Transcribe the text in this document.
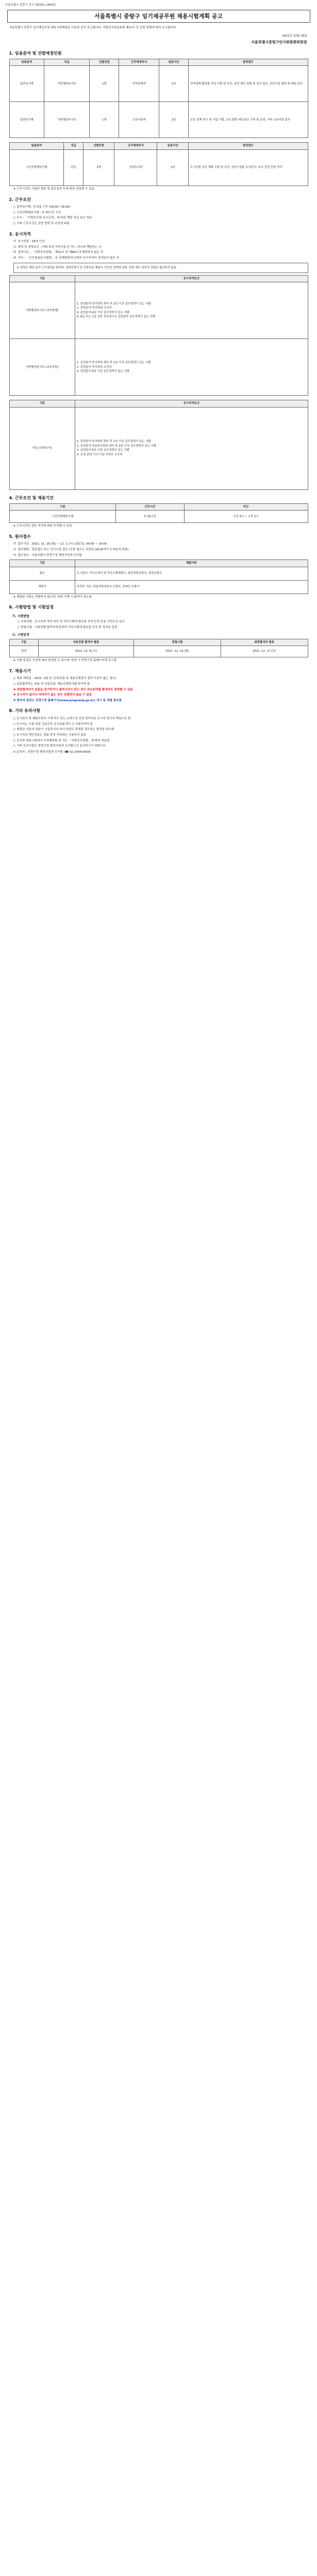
서울특별시 중랑구 공고 제2021-1403호
서울특별시 중랑구 임기제공무원 채용시험계획 공고
서울특별시 중랑구 임기제공무원 채용시험계획을 다음과 같이 공고합니다. 지방공무원임용령 제17조 등 관련 법령에 따라 공고합니다.
2021년 11월 18일
서울특별시중랑구인사위원회위원장
1. 임용분야 및 선발예정인원
임용분야	직급	선발인원	근무예정부서	임용기간	담당업무
일반임기제	지방행정주사보	1명	지역경제과	2년	지역경제 활성화 사업 기획 및 추진, 관련 예산 집행 및 정산 업무, 유관기관 협력 및 대외 업무
일반임기제	지방행정주사보	1명	교육지원과	2년	교육 정책 연구 및 사업 기획, 교육 협력 네트워크 구축 및 운영, 기타 교육지원 업무
임용분야	직급	선발인원	근무예정부서	임용기간	담당업무
시간선택제임기제	마급	1명	공원녹지과	2년	도시공원 조성 계획 수립 및 추진, 공원시설물 유지관리, 녹지 관련 민원 처리
※ 근무기간은 시험의 결과 및 업무실적 등에 따라 연장될 수 있음
2. 근무조건
○ 일반임기제 : 주 5일 근무 (09:00~18:00)
○ 시간선택제임기제 : 주 35시간 근무
○ 보수 : 「지방공무원 보수규정」에 따른 해당 직급 보수 적용
○ 기타 근무조건은 관련 법령 및 규정에 따름
3. 응시자격
가. 응시연령 : 18세 이상
나. 학력 및 경력요건 : 아래 표의 자격기준 중 어느 하나에 해당하는 자
다. 결격사유 : 「지방공무원법」 제31조 및 제66조에 해당하지 않는 자
라. 기타 : 「공무원임용시험령」 등 관계법령에 의하여 응시자격이 정지되지 않은 자
※ 경력은 해당 분야 근무경력을 말하며, 경력증명서 등 증빙자료 제출이 가능한 경력에 한함. 학위 취득 전후의 경력은 합산하지 않음.
구분	응시자격요건
지방행정주사보 (지역경제)	1. 관련분야 학사학위 취득 후 2년 이상 실무경력이 있는 사람
2. 관련분야 석사학위 소지자
3. 관련분야 4년 이상 실무경력이 있는 사람
4. 6급 또는 7급 상당 공무원으로 관련분야 실무경력이 있는 사람
지방행정주사보 (교육지원)	1. 관련분야 학사학위 취득 후 2년 이상 실무경력이 있는 사람
2. 관련분야 석사학위 소지자
3. 관련분야 4년 이상 실무경력이 있는 사람
구분	응시자격요건
마급 (공원녹지)	1. 관련분야 학사학위 취득 후 1년 이상 실무경력이 있는 사람
2. 관련분야 전문학사학위 취득 후 3년 이상 실무경력이 있는 사람
3. 관련분야 5년 이상 실무경력이 있는 사람
4. 조경 관련 기사 이상 자격증 소지자
4. 근무조건 및 채용기간
구분	근무시간	비고
시간선택제임기제	주 35시간	오전 9시 ~ 오후 5시
※ 근무시간은 업무 여건에 따라 조정될 수 있음
5. 원서접수
가. 접수기간 : 2021. 11. 29.(월) ~ 12. 1.(수) [3일간], 09:00 ~ 18:00
나. 접수방법 : 방문접수 또는 등기우편 접수 (우편 접수는 마감일 18:00까지 도착분에 한함)
다. 접수장소 : 서울특별시 중랑구청 행정지원과 인사팀
구분	제출서류
필수	응시원서, 자기소개서 및 직무수행계획서, 최종학력증명서, 경력증명서
해당자	자격증 사본, 취업지원대상자 증명서, 장애인 증명서
※ 제출된 서류는 반환하지 않으며, 허위 기재 시 합격이 취소됨
6. 시험방법 및 시험일정
가. 시험방법
○ 서류전형 : 응시자격 적격 여부 및 직무수행에 필요한 자격·능력 등을 서면으로 심사
○ 면접시험 : 서류전형 합격자에 한하여 직무수행에 필요한 능력 및 적격성 검정
나. 시험일정
구분	서류전형 합격자 발표	면접시험	최종합격자 발표
일정	2021. 12. 8.(수)	2021. 12. 13.(월)	2021. 12. 17.(금)
※ 시험 일정은 사정에 따라 변경될 수 있으며, 변경 시 중랑구청 홈페이지에 공고함
7. 채용시기
○ 채용 예정일 : 2022. 1월 중 (신원조회 및 채용신체검사 결과 이상이 없는 경우)
○ 최종합격자는 임용 전 신원조회, 채용신체검사를 받아야 함
※ 최종합격자가 임용을 포기하거나 결격사유가 있는 경우 차순위자를 합격자로 결정할 수 있음
※ 응시자가 없거나 적격자가 없는 경우 선발하지 않을 수 있음
※ 합격자 발표는 중랑구청 홈페이지(www.jungnang.go.kr) 게시 및 개별 통보함
8. 기타 유의사항
○ 응시원서 및 제출서류의 기재 착오 또는 누락으로 인한 불이익은 응시자 본인의 책임으로 함
○ 응시자는 시험 당일 신분증과 응시표를 반드시 지참하여야 함
○ 제출된 서류의 내용이 사실과 다르거나 허위로 판명된 경우에는 합격을 취소함
○ 응시자의 개인정보는 채용 목적 이외에는 사용하지 않음
○ 공무원 채용시험에서 부정행위를 한 자는 「지방공무원법」에 따라 처분함
○ 기타 문의사항은 중랑구청 행정지원과 인사팀으로 문의하시기 바랍니다.
※ 문의처 : 중랑구청 행정지원과 인사팀 (☎ 02-2094-0000)
